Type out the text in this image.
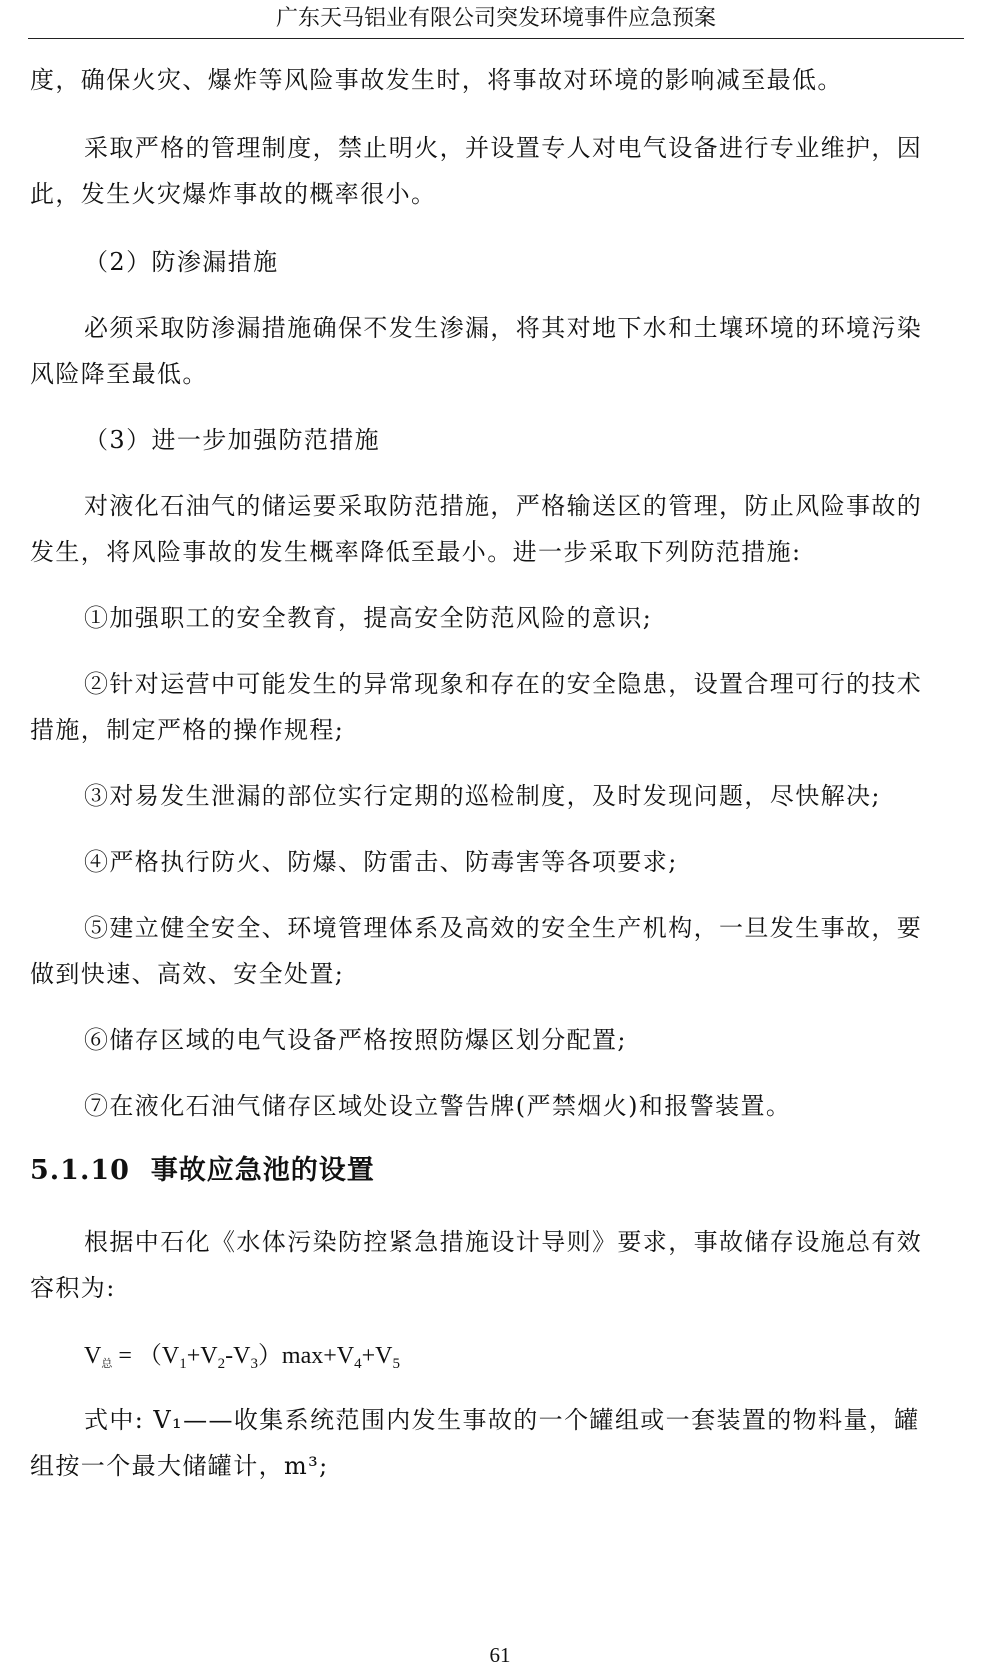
广东天马铝业有限公司突发环境事件应急预案
度，确保火灾、爆炸等风险事故发生时，将事故对环境的影响减至最低。
采取严格的管理制度，禁止明火，并设置专人对电气设备进行专业维护，因
此，发生火灾爆炸事故的概率很小。
（2）防渗漏措施
必须采取防渗漏措施确保不发生渗漏，将其对地下水和土壤环境的环境污染
风险降至最低。
（3）进一步加强防范措施
对液化石油气的储运要采取防范措施，严格输送区的管理，防止风险事故的
发生，将风险事故的发生概率降低至最小。进一步采取下列防范措施:
①加强职工的安全教育，提高安全防范风险的意识;
②针对运营中可能发生的异常现象和存在的安全隐患，设置合理可行的技术
措施，制定严格的操作规程;
③对易发生泄漏的部位实行定期的巡检制度，及时发现问题，尽快解决;
④严格执行防火、防爆、防雷击、防毒害等各项要求;
⑤建立健全安全、环境管理体系及高效的安全生产机构，一旦发生事故，要
做到快速、高效、安全处置;
⑥储存区域的电气设备严格按照防爆区划分配置;
⑦在液化石油气储存区域处设立警告牌(严禁烟火)和报警装置。
5.1.10 事故应急池的设置
根据中石化《水体污染防控紧急措施设计导则》要求，事故储存设施总有效
容积为:
$V_总 = (V_1+V_2-V_3)\max+V_4+V_5$
式中: V₁——收集系统范围内发生事故的一个罐组或一套装置的物料量，罐
组按一个最大储罐计，m³;
61
